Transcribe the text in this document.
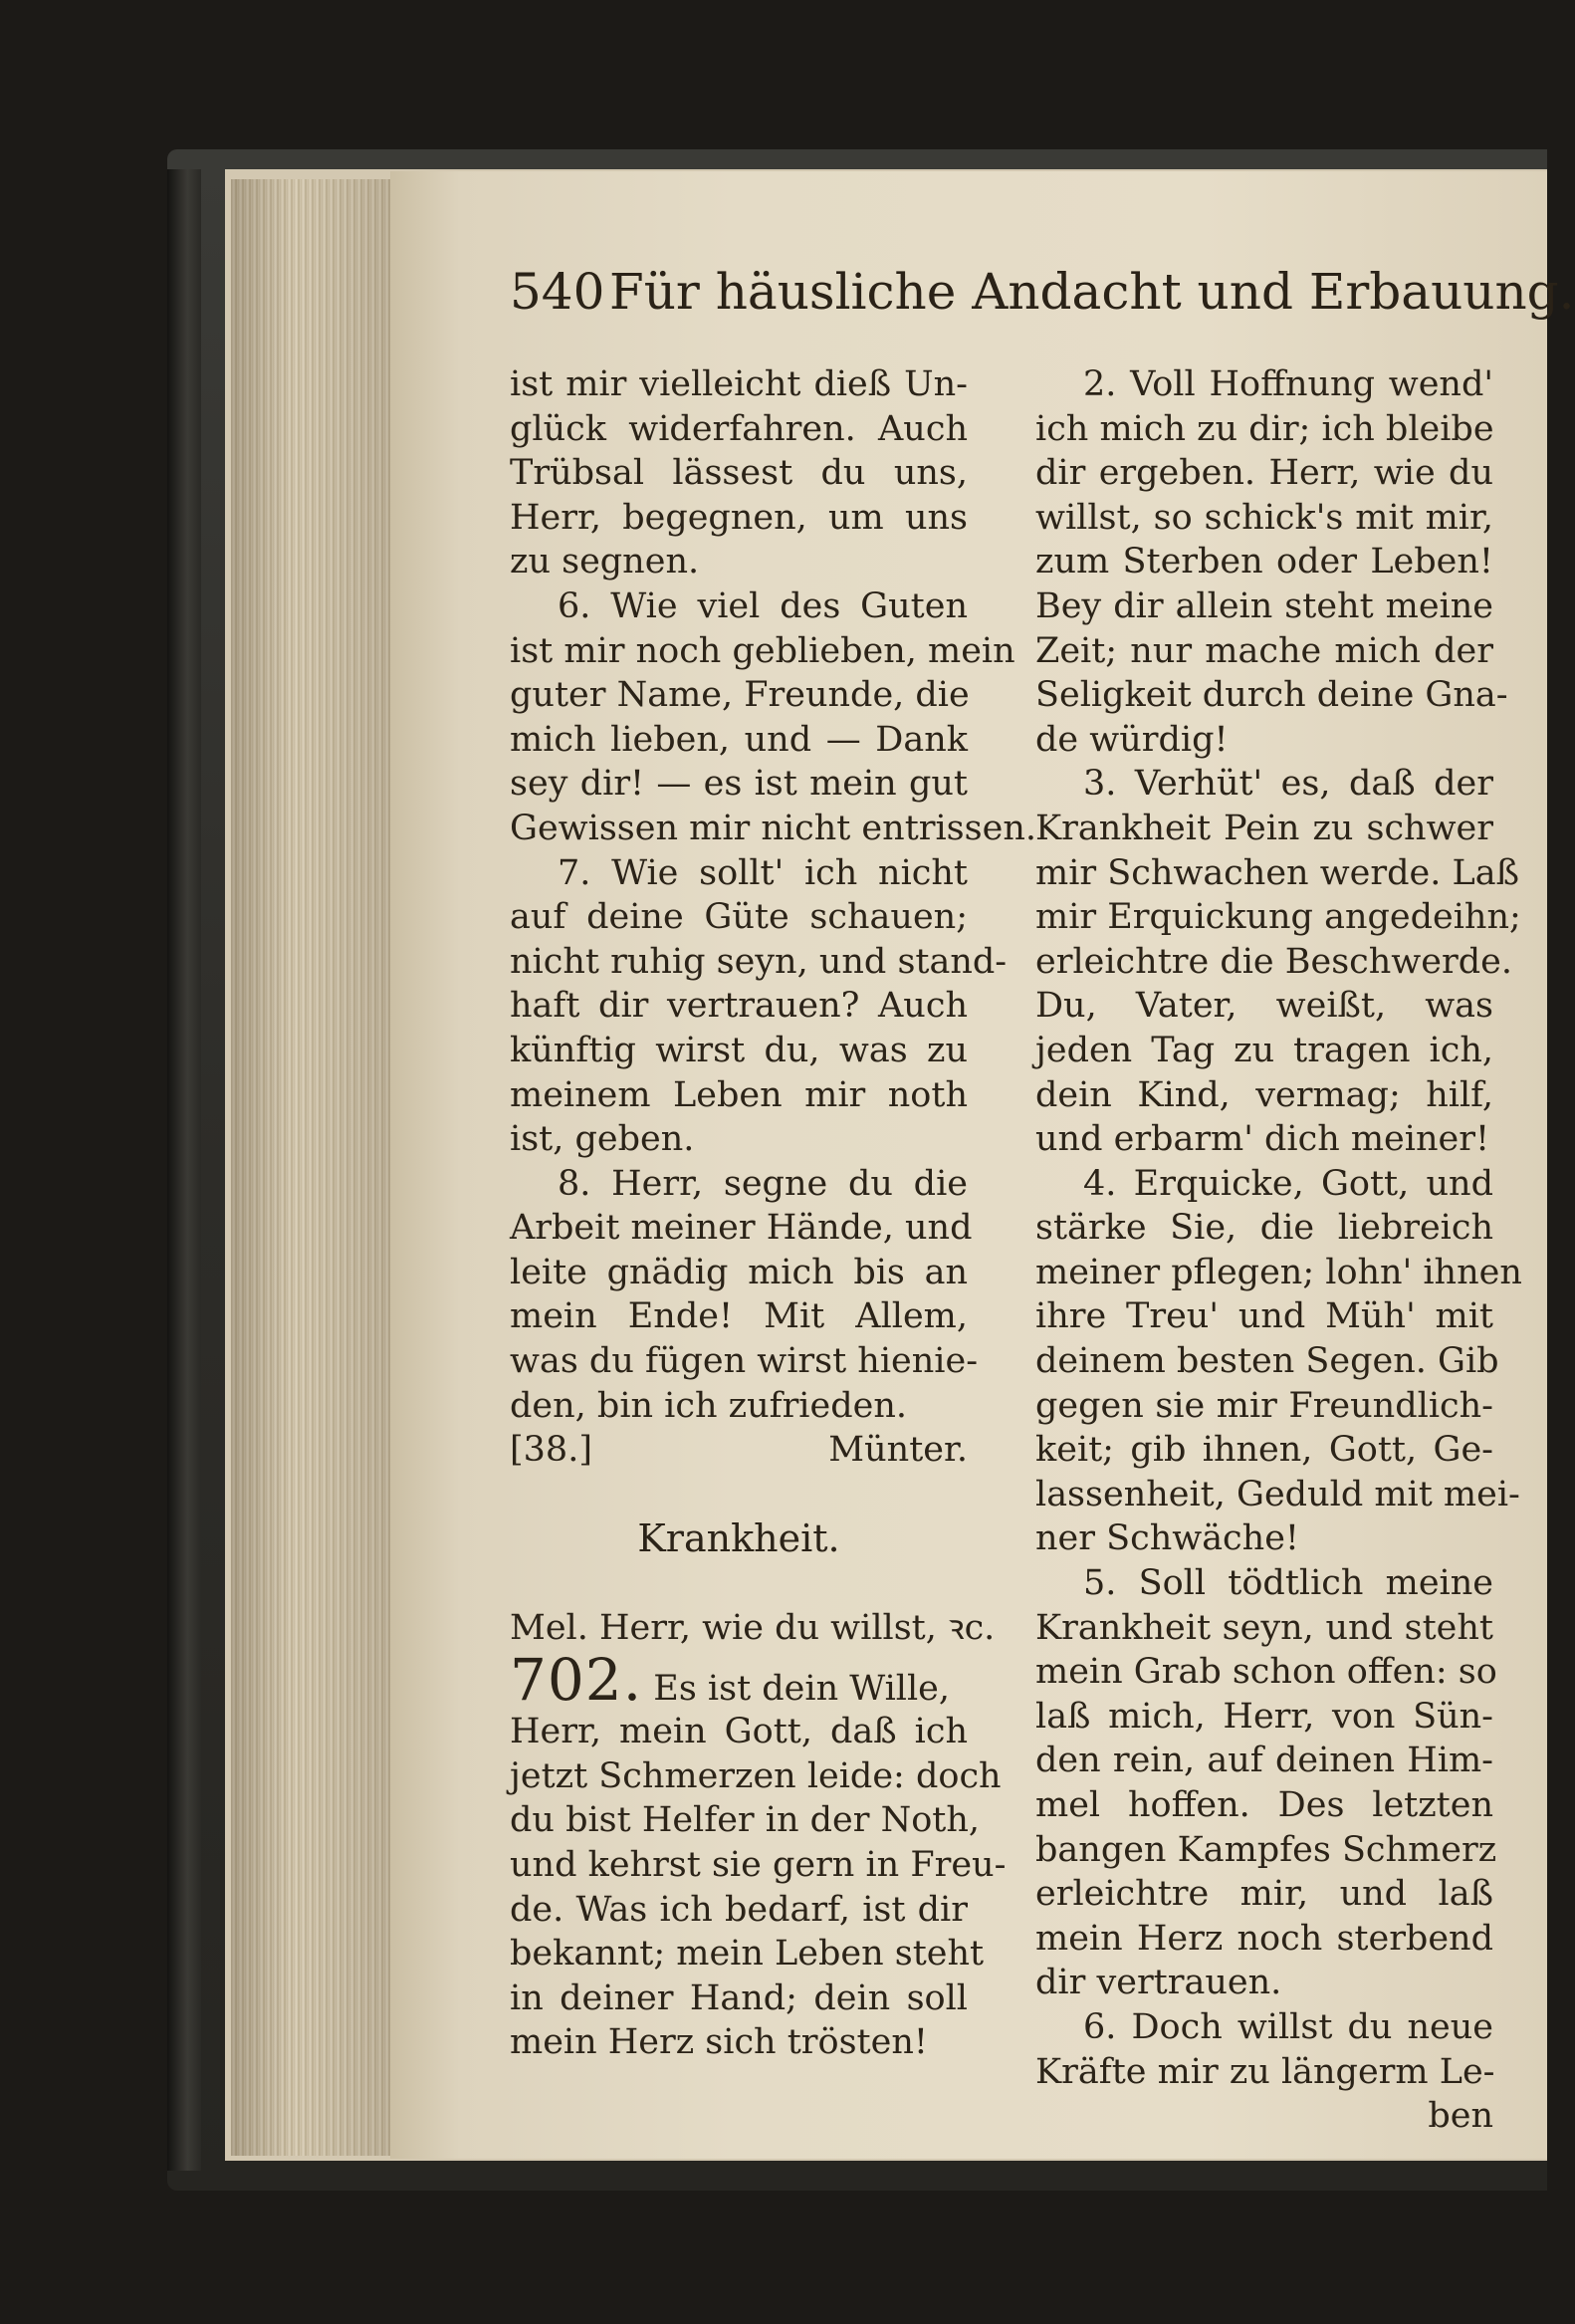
540Für häusliche Andacht und Erbauung.
ist mir vielleicht dieß Un-
glück widerfahren. Auch
Trübsal lässest du uns,
Herr, begegnen, um uns
zu segnen.
6. Wie viel des Guten
ist mir noch geblieben, mein
guter Name, Freunde, die
mich lieben, und — Dank
sey dir! — es ist mein gut
Gewissen mir nicht entrissen.
7. Wie sollt' ich nicht
auf deine Güte schauen;
nicht ruhig seyn, und stand-
haft dir vertrauen? Auch
künftig wirst du, was zu
meinem Leben mir noth
ist, geben.
8. Herr, segne du die
Arbeit meiner Hände, und
leite gnädig mich bis an
mein Ende! Mit Allem,
was du fügen wirst hienie-
den, bin ich zufrieden.
[38.]	Münter.
Krankheit.
Mel. Herr, wie du willst, ꝛc.
702. Es ist dein Wille,
Herr, mein Gott, daß ich
jetzt Schmerzen leide: doch
du bist Helfer in der Noth,
und kehrst sie gern in Freu-
de. Was ich bedarf, ist dir
bekannt; mein Leben steht
in deiner Hand; dein soll
mein Herz sich trösten!
2. Voll Hoffnung wend'
ich mich zu dir; ich bleibe
dir ergeben. Herr, wie du
willst, so schick's mit mir,
zum Sterben oder Leben!
Bey dir allein steht meine
Zeit; nur mache mich der
Seligkeit durch deine Gna-
de würdig!
3. Verhüt' es, daß der
Krankheit Pein zu schwer
mir Schwachen werde. Laß
mir Erquickung angedeihn;
erleichtre die Beschwerde.
Du, Vater, weißt, was
jeden Tag zu tragen ich,
dein Kind, vermag; hilf,
und erbarm' dich meiner!
4. Erquicke, Gott, und
stärke Sie, die liebreich
meiner pflegen; lohn' ihnen
ihre Treu' und Müh' mit
deinem besten Segen. Gib
gegen sie mir Freundlich-
keit; gib ihnen, Gott, Ge-
lassenheit, Geduld mit mei-
ner Schwäche!
5. Soll tödtlich meine
Krankheit seyn, und steht
mein Grab schon offen: so
laß mich, Herr, von Sün-
den rein, auf deinen Him-
mel hoffen. Des letzten
bangen Kampfes Schmerz
erleichtre mir, und laß
mein Herz noch sterbend
dir vertrauen.
6. Doch willst du neue
Kräfte mir zu längerm Le-
ben
